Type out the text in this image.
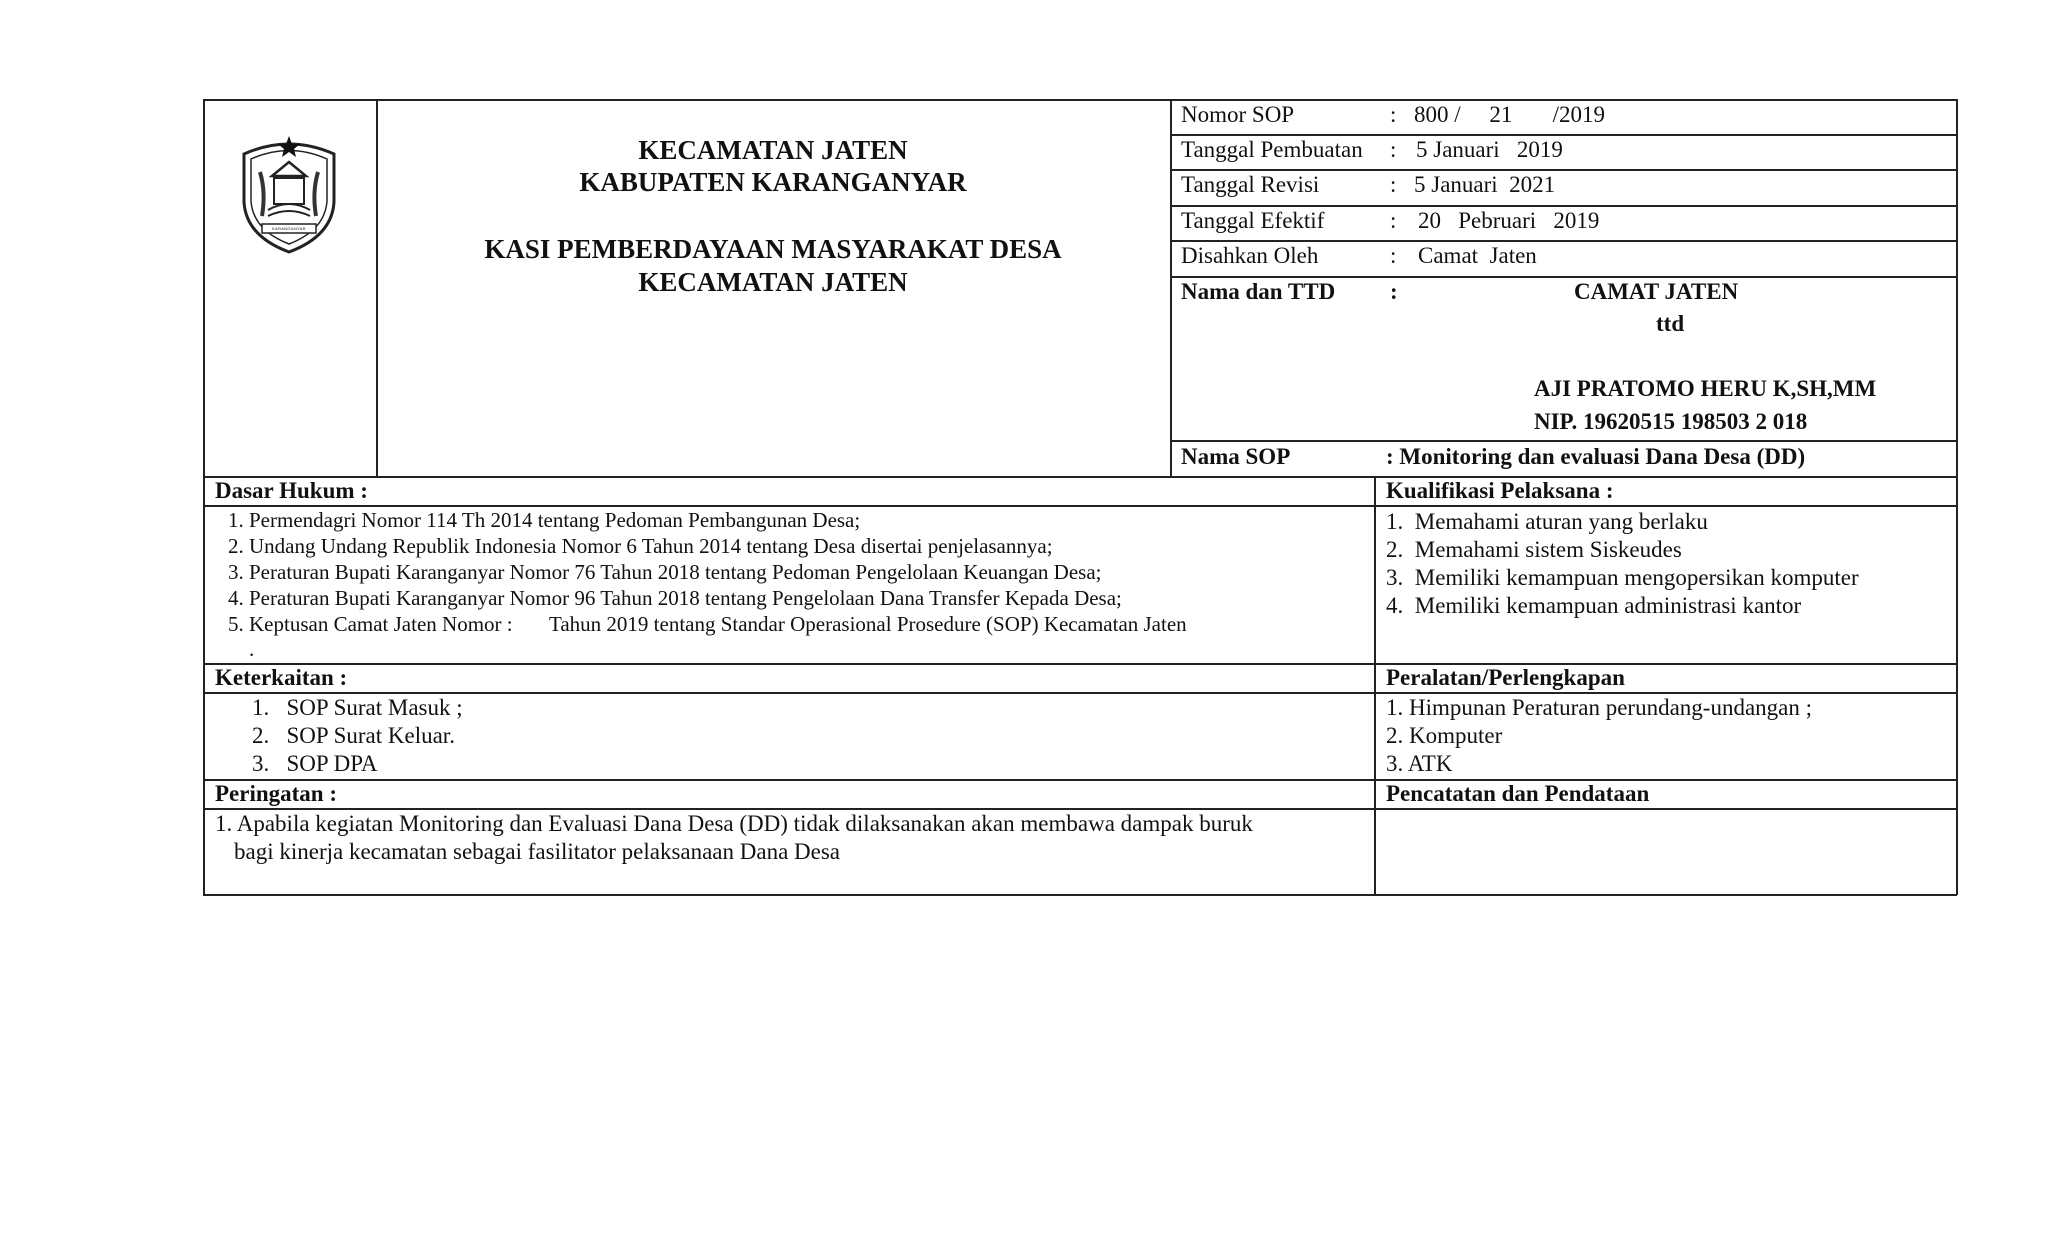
KARANGANYAR
KECAMATAN JATEN
KABUPATEN KARANGANYAR
KASI PEMBERDAYAAN MASYARAKAT DESA
KECAMATAN JATEN
Nomor SOP	: 800 /     21       /2019
Tanggal Pembuatan : 5 Januari   2019
Tanggal Revisi	: 5 Januari  2021
Tanggal Efektif	: 20   Pebruari   2019
Disahkan Oleh	: Camat  Jaten
Nama dan TTD :	CAMAT JATEN
ttd
AJI PRATOMO HERU K,SH,MM
NIP. 19620515 198503 2 018
Nama SOP	: Monitoring dan evaluasi Dana Desa (DD)
Dasar Hukum :
1. Permendagri Nomor 114 Th 2014 tentang Pedoman Pembangunan Desa;
2. Undang Undang Republik Indonesia Nomor 6 Tahun 2014 tentang Desa disertai penjelasannya;
3. Peraturan Bupati Karanganyar Nomor 76 Tahun 2018 tentang Pedoman Pengelolaan Keuangan Desa;
4. Peraturan Bupati Karanganyar Nomor 96 Tahun 2018 tentang Pengelolaan Dana Transfer Kepada Desa;
5. Keptusan Camat Jaten Nomor :       Tahun 2019 tentang Standar Operasional Prosedure (SOP) Kecamatan Jaten
.
Kualifikasi Pelaksana :
1.  Memahami aturan yang berlaku
2.  Memahami sistem Siskeudes
3.  Memiliki kemampuan mengopersikan komputer
4.  Memiliki kemampuan administrasi kantor
Keterkaitan :
1.   SOP Surat Masuk ;
2.   SOP Surat Keluar.
3.   SOP DPA
Peralatan/Perlengkapan
1. Himpunan Peraturan perundang-undangan ;
2. Komputer
3. ATK
Peringatan :
1. Apabila kegiatan Monitoring dan Evaluasi Dana Desa (DD) tidak dilaksanakan akan membawa dampak buruk
bagi kinerja kecamatan sebagai fasilitator pelaksanaan Dana Desa
Pencatatan dan Pendataan
